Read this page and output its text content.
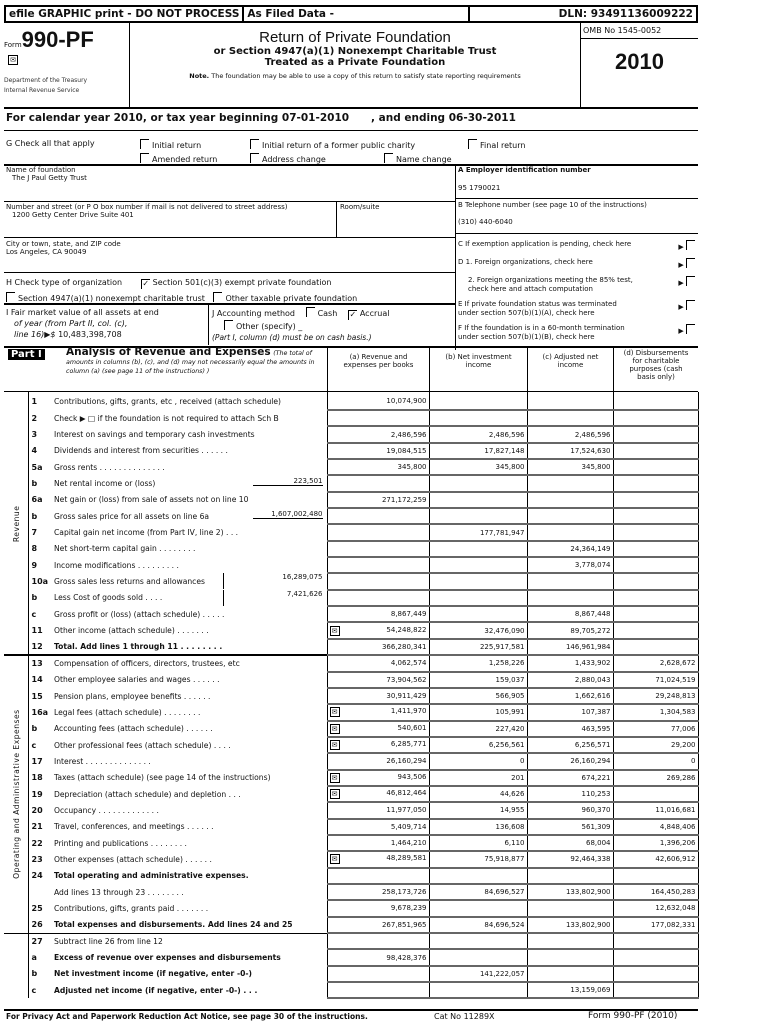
efile GRAPHIC print - DO NOT PROCESS As Filed Data -	DLN: 93491136009222
Form990-PF
✉
Department of the Treasury
Internal Revenue Service
Return of Private Foundation
or Section 4947(a)(1) Nonexempt Charitable Trust
Treated as a Private Foundation
Note. The foundation may be able to use a copy of this return to satisfy state reporting requirements
OMB No 1545-0052
2010
For calendar year 2010, or tax year beginning 07-01-2010      , and ending 06-30-2011
G Check all that apply	Initial return	Initial return of a former public charity	Final return
Amended return	Address change	Name change
Name of foundation
The J Paul Getty Trust
Number and street (or P O box number if mail is not delivered to street address)
1200 Getty Center Drive Suite 401
Room/suite
City or town, state, and ZIP code
Los Angeles, CA 90049
A Employer identification number
95 1790021
B Telephone number (see page 10 of the instructions)
(310) 440-6040
C If exemption application is pending, check here	▶
D 1. Foreign organizations, check here	▶
2. Foreign organizations meeting the 85% test,
check here and attach computation
▶
E If private foundation status was terminated
under section 507(b)(1)(A), check here
▶
F If the foundation is in a 60-month termination
under section 507(b)(1)(B), check here
▶
H Check type of organization	✓ Section 501(c)(3) exempt private foundation
Section 4947(a)(1) nonexempt charitable trust	Other taxable private foundation
I Fair market value of all assets at end
of year (from Part II, col. (c),
line 16)▶$ 10,483,398,708
J Accounting method	Cash ✓ Accrual
Other (specify) _
(Part I, column (d) must be on cash basis.)
Part I Analysis of Revenue and Expenses (The total of amounts in columns (b), (c), and (d) may not necessarily equal the amounts in column (a) (see page 11 of the instructions) )
(a) Revenue and expenses per books
(b) Net investment income
(c) Adjusted net income
(d) Disbursements for charitable purposes (cash basis only)
Revenue	1	Contributions, gifts, grants, etc , received (attach schedule)	10,074,900			
	2	Check ▶ □ if the foundation is not required to attach Sch B				
	3	Interest on savings and temporary cash investments	2,486,596	2,486,596	2,486,596	
	4	Dividends and interest from securities . . . . . .	19,084,515	17,827,148	17,524,630	
	5a	Gross rents . . . . . . . . . . . . . .	345,800	345,800	345,800	
	b	Net rental income or (loss) 223,501				

	6a	Net gain or (loss) from sale of assets not on line 10	271,172,259			
	b	Gross sales price for all assets on line 6a 1,607,002,480				

	7	Capital gain net income (from Part IV, line 2) . . .		177,781,947		
	8	Net short-term capital gain . . . . . . . .			24,364,149	
	9	Income modifications . . . . . . . . .			3,778,074	
	10a	Gross sales less returns and allowances 16,289,075				

	b	Less Cost of goods sold . . . . 7,421,626				

	c	Gross profit or (loss) (attach schedule) . . . . .	8,867,449		8,867,448	
	11	Other income (attach schedule) . . . . . . .	✉ 54,248,822	32,476,090	89,705,272	
	12	Total. Add lines 1 through 11 . . . . . . . .	366,280,341	225,917,581	146,961,984	
Operating and Administrative Expenses	13	Compensation of officers, directors, trustees, etc	4,062,574	1,258,226	1,433,902	2,628,672
	14	Other employee salaries and wages . . . . . .	73,904,562	159,037	2,880,043	71,024,519
	15	Pension plans, employee benefits . . . . . .	30,911,429	566,905	1,662,616	29,248,813
	16a	Legal fees (attach schedule) . . . . . . . .	✉ 1,411,970	105,991	107,387	1,304,583
	b	Accounting fees (attach schedule) . . . . . .	✉ 540,601	227,420	463,595	77,006
	c	Other professional fees (attach schedule) . . . .	✉ 6,285,771	6,256,561	6,256,571	29,200
	17	Interest . . . . . . . . . . . . . .	26,160,294	0	26,160,294	0
	18	Taxes (attach schedule) (see page 14 of the instructions)	✉ 943,506	201	674,221	269,286
	19	Depreciation (attach schedule) and depletion . . .	✉ 46,812,464	44,626	110,253	
	20	Occupancy . . . . . . . . . . . . .	11,977,050	14,955	960,370	11,016,681
	21	Travel, conferences, and meetings . . . . . .	5,409,714	136,608	561,309	4,848,406
	22	Printing and publications . . . . . . . .	1,464,210	6,110	68,004	1,396,206
	23	Other expenses (attach schedule) . . . . . .	✉ 48,289,581	75,918,877	92,464,338	42,606,912
	24	Total operating and administrative expenses.				
		Add lines 13 through 23 . . . . . . . .	258,173,726	84,696,527	133,802,900	164,450,283
	25	Contributions, gifts, grants paid . . . . . . .	9,678,239			12,632,048
	26	Total expenses and disbursements. Add lines 24 and 25	267,851,965	84,696,524	133,802,900	177,082,331
	27	Subtract line 26 from line 12				
	a	Excess of revenue over expenses and disbursements	98,428,376			
	b	Net investment income (if negative, enter -0-)		141,222,057		
	c	Adjusted net income (if negative, enter -0-) . . .			13,159,069	
For Privacy Act and Paperwork Reduction Act Notice, see page 30 of the instructions.	Cat No 11289X	Form 990-PF (2010)
